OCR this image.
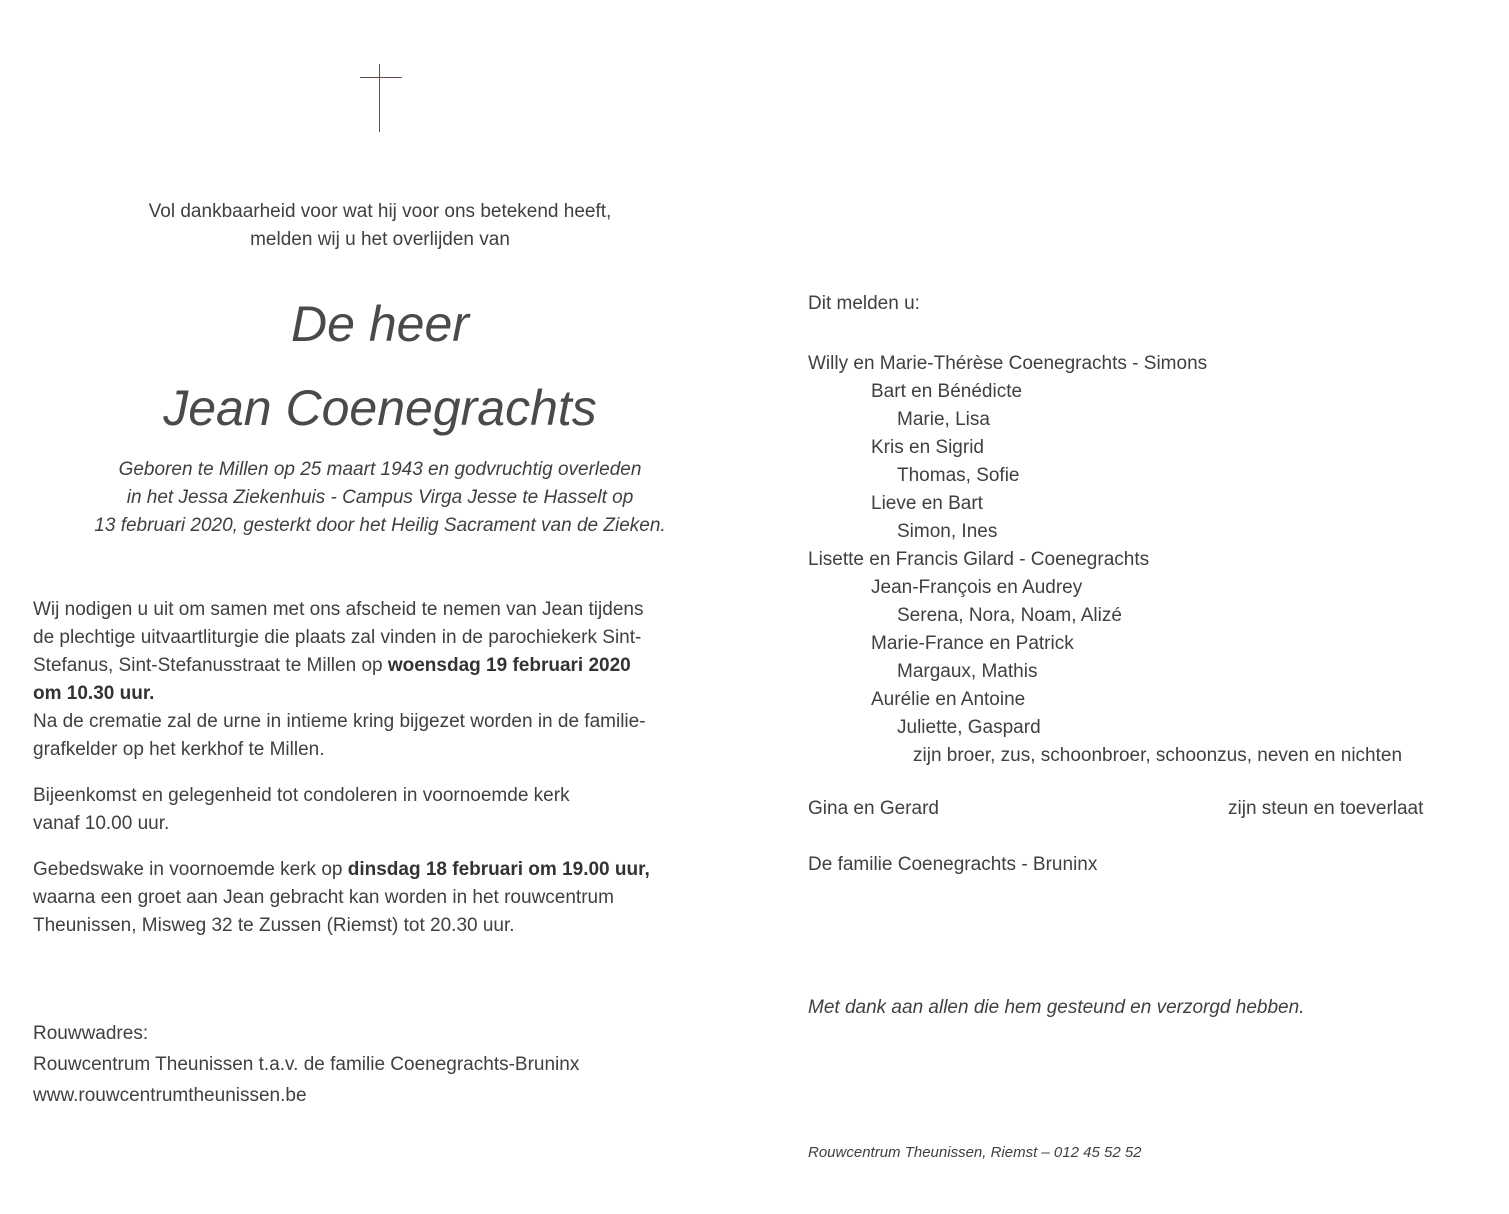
Vol dankbaarheid voor wat hij voor ons betekend heeft,
melden wij u het overlijden van
De heer
Jean Coenegrachts
Geboren te Millen op 25 maart 1943 en godvruchtig overleden
in het Jessa Ziekenhuis - Campus Virga Jesse te Hasselt op
13 februari 2020, gesterkt door het Heilig Sacrament van de Zieken.
Wij nodigen u uit om samen met ons afscheid te nemen van Jean tijdens
de plechtige uitvaartliturgie die plaats zal vinden in de parochiekerk Sint-
Stefanus, Sint-Stefanusstraat te Millen op woensdag 19 februari 2020
om 10.30 uur.
Na de crematie zal de urne in intieme kring bijgezet worden in de familie-
grafkelder op het kerkhof te Millen.
Bijeenkomst en gelegenheid tot condoleren in voornoemde kerk
vanaf 10.00 uur.
Gebedswake in voornoemde kerk op dinsdag 18 februari om 19.00 uur,
waarna een groet aan Jean gebracht kan worden in het rouwcentrum
Theunissen, Misweg 32 te Zussen (Riemst) tot 20.30 uur.
Rouwwadres:
Rouwcentrum Theunissen t.a.v. de familie Coenegrachts-Bruninx
www.rouwcentrumtheunissen.be
Dit melden u:
Willy en Marie-Thérèse Coenegrachts - Simons
Bart en Bénédicte
Marie, Lisa
Kris en Sigrid
Thomas, Sofie
Lieve en Bart
Simon, Ines
Lisette en Francis Gilard - Coenegrachts
Jean-François en Audrey
Serena, Nora, Noam, Alizé
Marie-France en Patrick
Margaux, Mathis
Aurélie en Antoine
Juliette, Gaspard
zijn broer, zus, schoonbroer, schoonzus, neven en nichten
Gina en Gerard	zijn steun en toeverlaat
De familie Coenegrachts - Bruninx
Met dank aan allen die hem gesteund en verzorgd hebben.
Rouwcentrum Theunissen, Riemst – 012 45 52 52
